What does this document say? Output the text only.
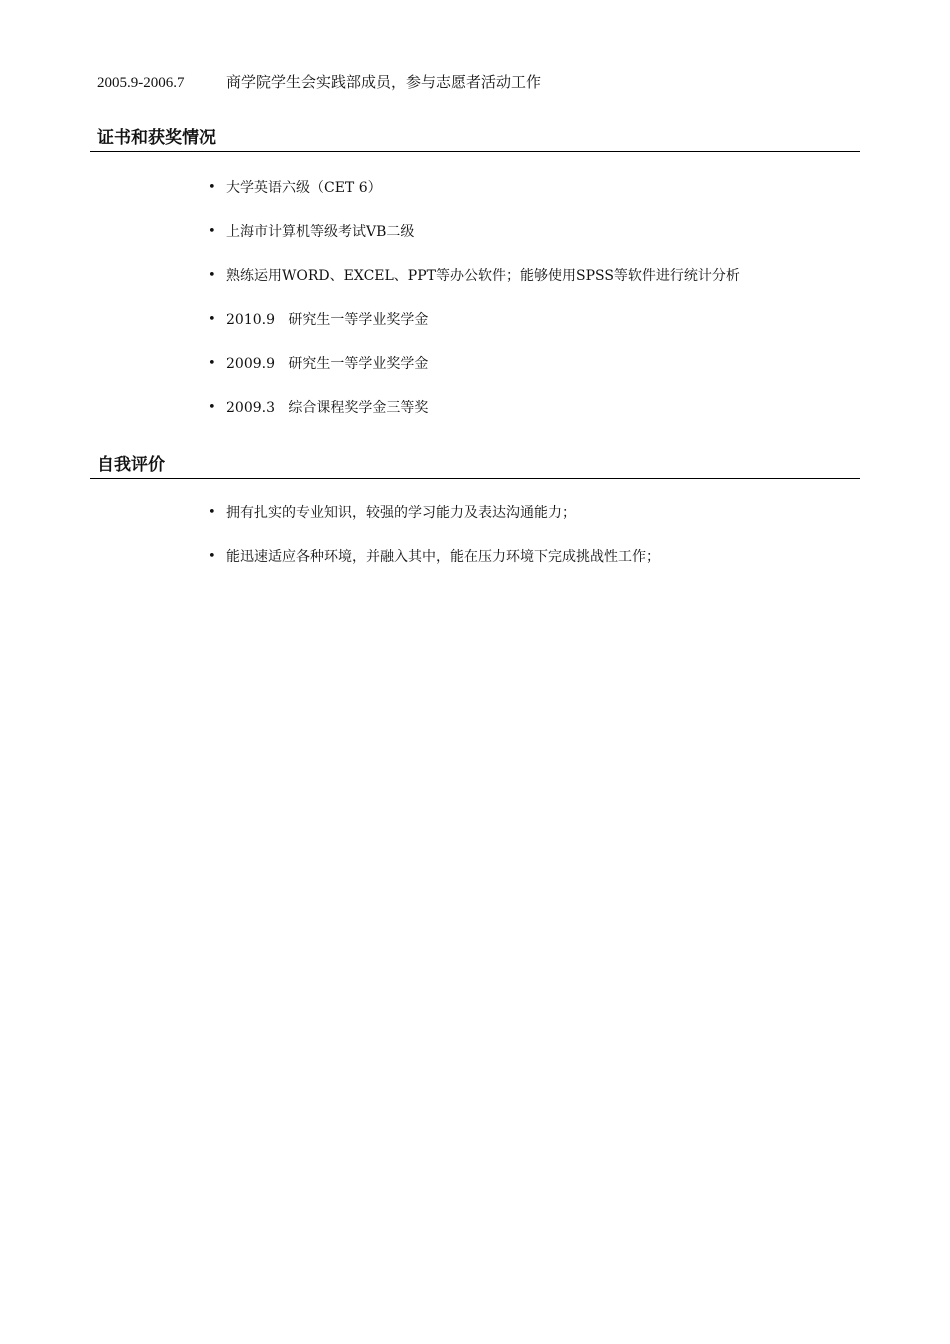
2005.9-2006.7	商学院学生会实践部成员，参与志愿者活动工作
证书和获奖情况
• 大学英语六级（CET 6）
• 上海市计算机等级考试VB二级
• 熟练运用WORD、EXCEL、PPT等办公软件；能够使用SPSS等软件进行统计分析
• 2010.9   研究生一等学业奖学金
• 2009.9   研究生一等学业奖学金
• 2009.3   综合课程奖学金三等奖
自我评价
• 拥有扎实的专业知识，较强的学习能力及表达沟通能力；
• 能迅速适应各种环境，并融入其中，能在压力环境下完成挑战性工作；
